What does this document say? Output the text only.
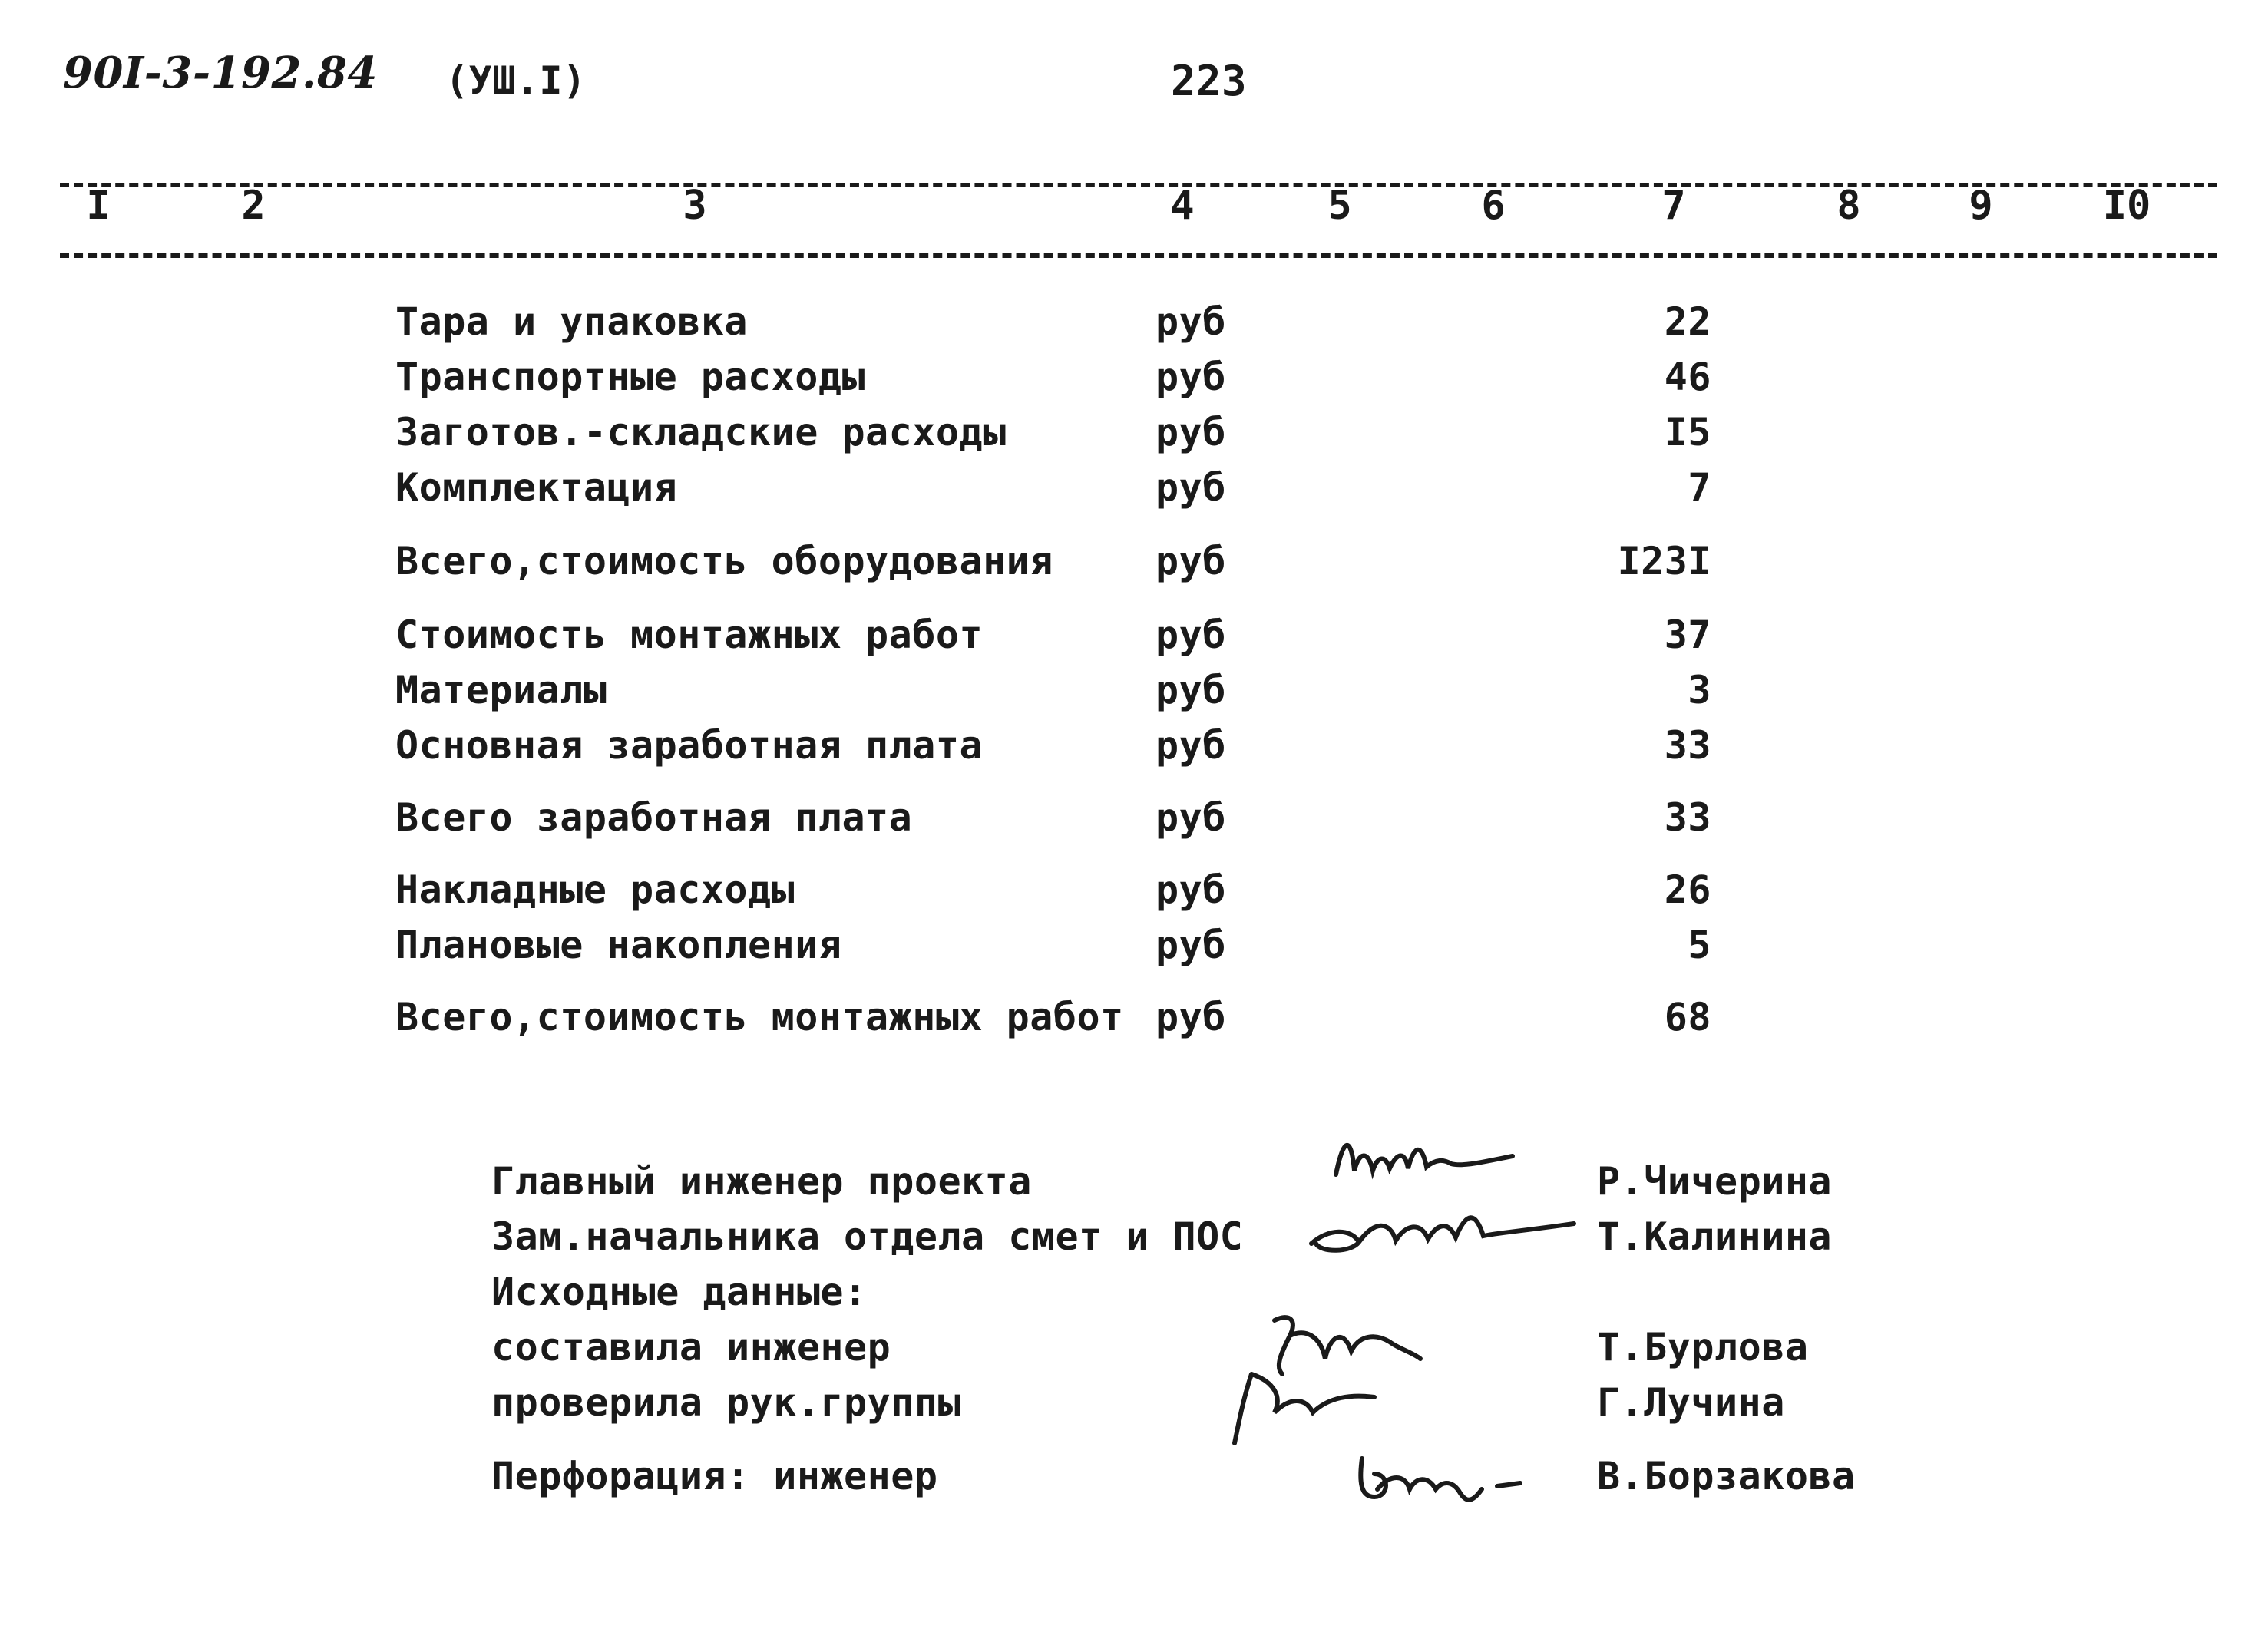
90I-3-192.84 (УШ.I)	223
I	2	3	4	5	6	7	8	9	I0
Тара и упаковка	руб	22
Транспортные расходы	руб	46
Заготов.-складские расходы	руб	I5
Комплектация	руб	7
Всего,стоимость оборудования	руб	I23I
Стоимость монтажных работ	руб	37
Материалы	руб	3
Основная заработная плата	руб	33
Всего заработная плата	руб	33
Накладные расходы	руб	26
Плановые накопления	руб	5
Всего,стоимость монтажных работ руб	68
Главный инженер проекта	Р.Чичерина
Зам.начальника отдела смет и ПОС	Т.Калинина
Исходные данные:
составила инженер	Т.Бурлова
проверила рук.группы	Г.Лучина
Перфорация: инженер	В.Борзакова
